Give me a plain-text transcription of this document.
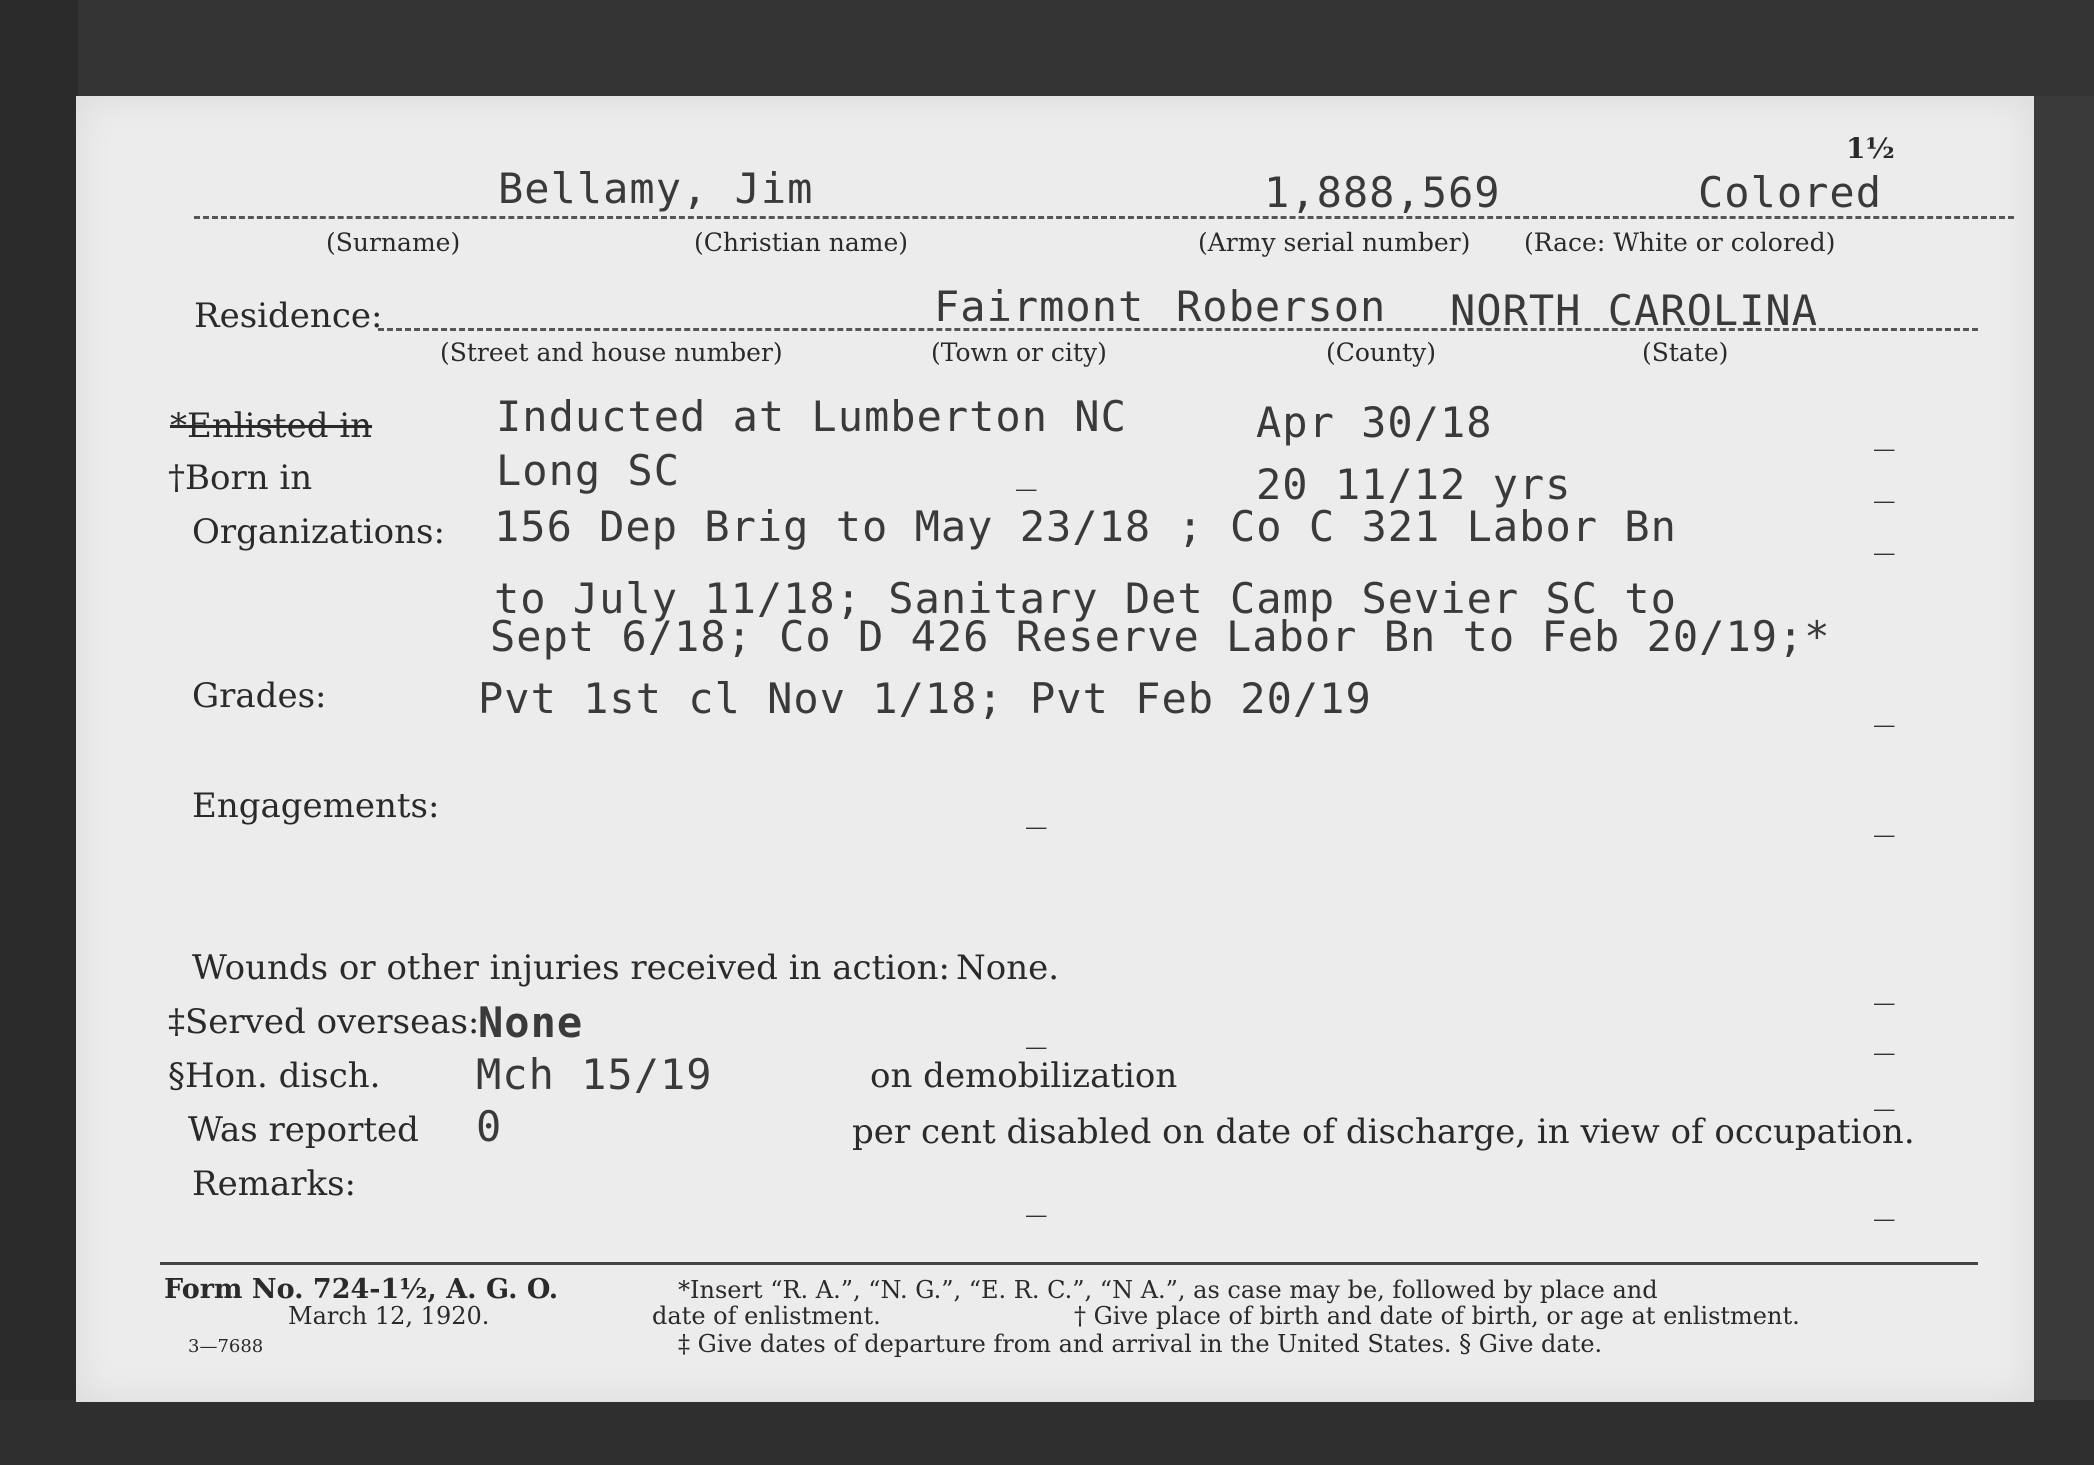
Bellamy, Jim	1,888,569	Colored
1½
(Surname)	(Christian name)	(Army serial number) (Race: White or colored)
Residence:	Fairmont Roberson NORTH CAROLINA
(Street and house number)	(Town or city)	(County)	(State)
*Enlisted in	Inducted at Lumberton NC	Apr 30/18	_
†Born in	Long SC	_	20 11/12 yrs	_
Organizations: 156 Dep Brig to May 23/18 ; Co C 321 Labor Bn	_
to July 11/18; Sanitary Det Camp Sevier SC to
Sept 6/18; Co D 426 Reserve Labor Bn to Feb 20/19;*
Grades:	Pvt 1st cl Nov 1/18; Pvt Feb 20/19	_
Engagements:	_	_
Wounds or other injuries received in action: None.	_
‡Served overseas:
None	_	_
§Hon. disch. Mch 15/19	on demobilization	_
Was reported 0	per cent disabled on date of discharge, in view of occupation.
Remarks:	_	_
Form No. 724-1½, A. G. O.
March 12, 1920.
3—7688
*Insert “R. A.”, “N. G.”, “E. R. C.”, “N A.”, as case may be, followed by place and
date of enlistment.	† Give place of birth and date of birth, or age at enlistment.
‡ Give dates of departure from and arrival in the United States. § Give date.
